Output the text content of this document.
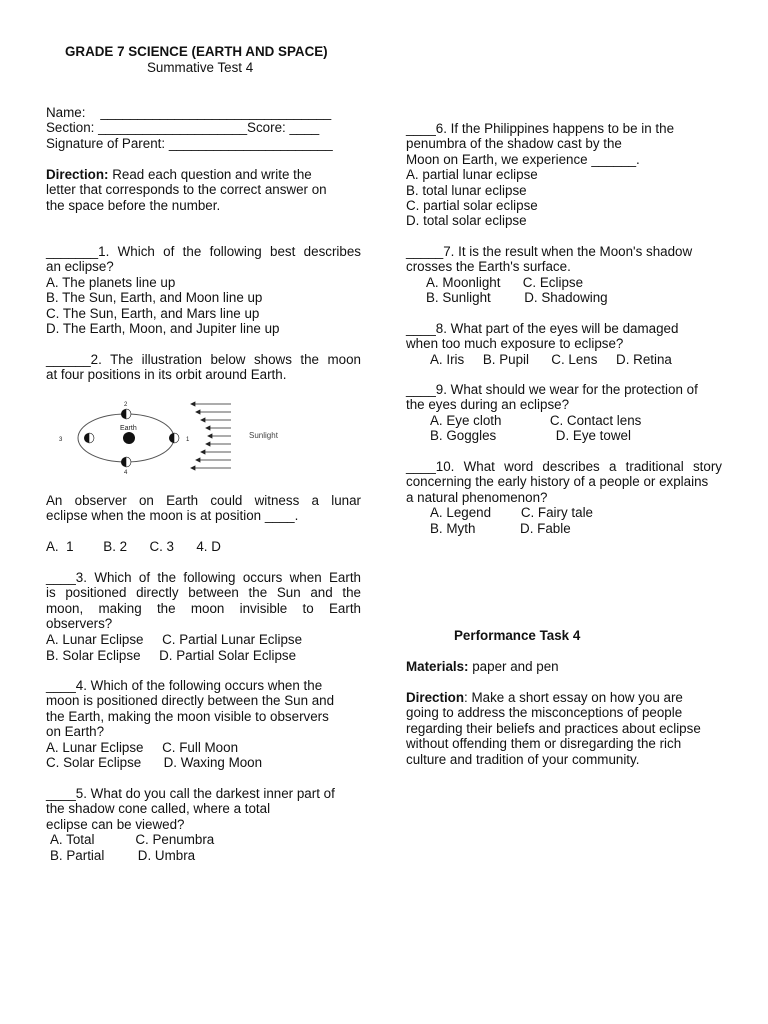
GRADE 7 SCIENCE (EARTH AND SPACE)
Summative Test 4
Name:    _______________________________
Section: ____________________Score: ____
Signature of Parent: ______________________
Direction: Read each question and write the
letter that corresponds to the correct answer on
the space before the number.
_______1. Which of the following best describes
an eclipse?
A. The planets line up
B. The Sun, Earth, and Moon line up
C. The Sun, Earth, and Mars line up
D. The Earth, Moon, and Jupiter line up
______2. The illustration below shows the moon
at four positions in its orbit around Earth.
Earth
2
4
3	1	Sunlight
An observer on Earth could witness a lunar
eclipse when the moon is at position ____.
A.  1        B. 2      C. 3      4. D
____3. Which of the following occurs when Earth
is positioned directly between the Sun and the
moon, making the moon invisible to Earth
observers?
A. Lunar Eclipse     C. Partial Lunar Eclipse
B. Solar Eclipse     D. Partial Solar Eclipse
____4. Which of the following occurs when the
moon is positioned directly between the Sun and
the Earth, making the moon visible to observers
on Earth?
A. Lunar Eclipse     C. Full Moon
C. Solar Eclipse      D. Waxing Moon
____5. What do you call the darkest inner part of
the shadow cone called, where a total
eclipse can be viewed?
A. Total           C. Penumbra
B. Partial         D. Umbra
____6. If the Philippines happens to be in the
penumbra of the shadow cast by the
Moon on Earth, we experience ______.
A. partial lunar eclipse
B. total lunar eclipse
C. partial solar eclipse
D. total solar eclipse
_____7. It is the result when the Moon's shadow
crosses the Earth's surface.
A. Moonlight      C. Eclipse
B. Sunlight         D. Shadowing
____8. What part of the eyes will be damaged
when too much exposure to eclipse?
A. Iris     B. Pupil      C. Lens     D. Retina
____9. What should we wear for the protection of
the eyes during an eclipse?
A. Eye cloth             C. Contact lens
B. Goggles                D. Eye towel
____10. What word describes a traditional story
concerning the early history of a people or explains
a natural phenomenon?
A. Legend        C. Fairy tale
B. Myth            D. Fable
Performance Task 4
Materials: paper and pen
Direction: Make a short essay on how you are
going to address the misconceptions of people
regarding their beliefs and practices about eclipse
without offending them or disregarding the rich
culture and tradition of your community.
